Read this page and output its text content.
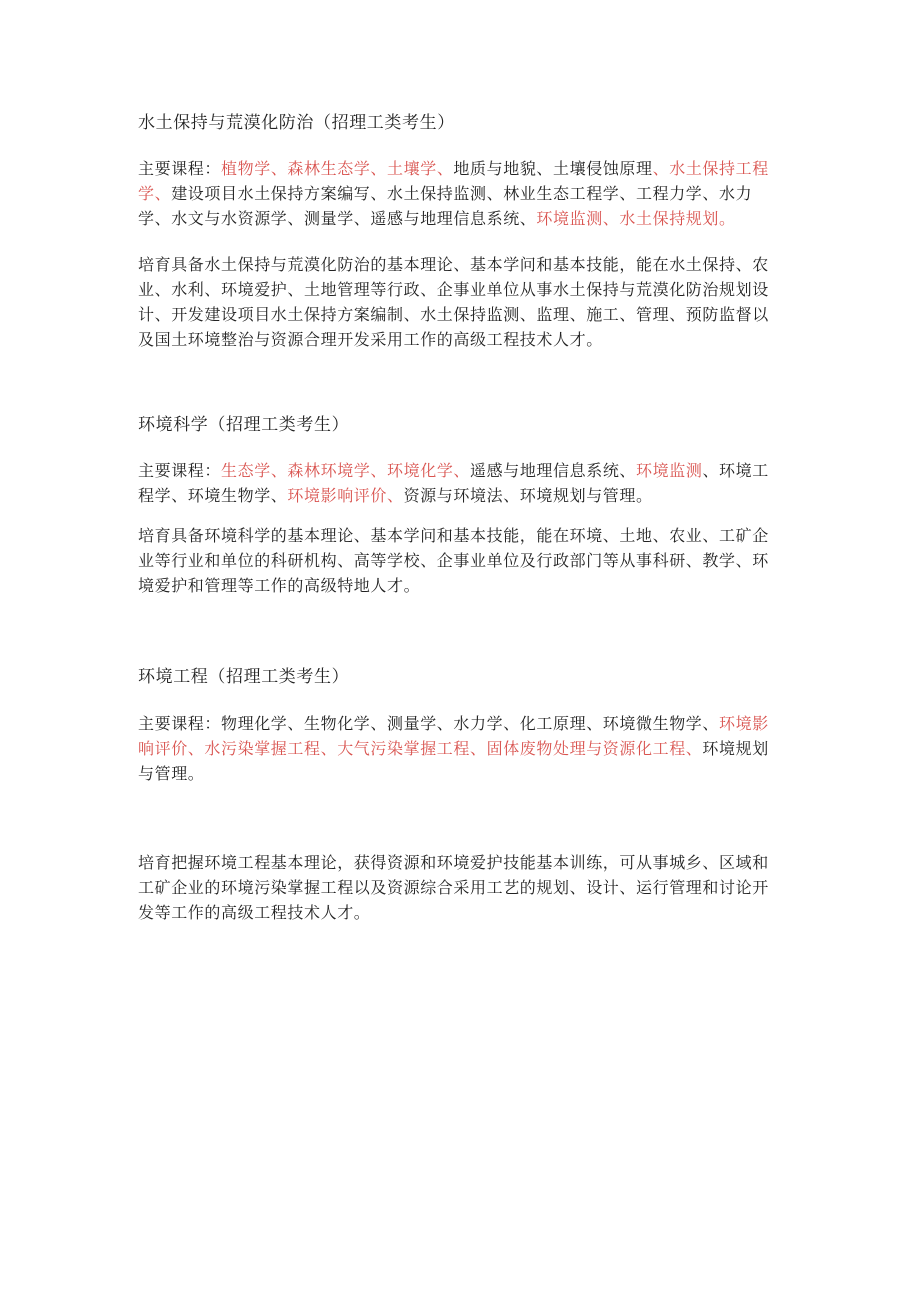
水土保持与荒漠化防治（招理工类考生）

主要课程：植物学、森林生态学、土壤学、地质与地貌、土壤侵蚀原理、水土保持工程学、建设项目水土保持方案编写、水土保持监测、林业生态工程学、工程力学、水力学、水文与水资源学、测量学、遥感与地理信息系统、环境监测、水土保持规划。

培育具备水土保持与荒漠化防治的基本理论、基本学问和基本技能，能在水土保持、农业、水利、环境爱护、土地管理等行政、企事业单位从事水土保持与荒漠化防治规划设计、开发建设项目水土保持方案编制、水土保持监测、监理、施工、管理、预防监督以及国土环境整治与资源合理开发采用工作的高级工程技术人才。

环境科学（招理工类考生）

主要课程：生态学、森林环境学、环境化学、遥感与地理信息系统、环境监测、环境工程学、环境生物学、环境影响评价、资源与环境法、环境规划与管理。

培育具备环境科学的基本理论、基本学问和基本技能，能在环境、土地、农业、工矿企业等行业和单位的科研机构、高等学校、企事业单位及行政部门等从事科研、教学、环境爱护和管理等工作的高级特地人才。

环境工程（招理工类考生）

主要课程：物理化学、生物化学、测量学、水力学、化工原理、环境微生物学、环境影响评价、水污染掌握工程、大气污染掌握工程、固体废物处理与资源化工程、环境规划与管理。

培育把握环境工程基本理论，获得资源和环境爱护技能基本训练，可从事城乡、区域和工矿企业的环境污染掌握工程以及资源综合采用工艺的规划、设计、运行管理和讨论开发等工作的高级工程技术人才。
